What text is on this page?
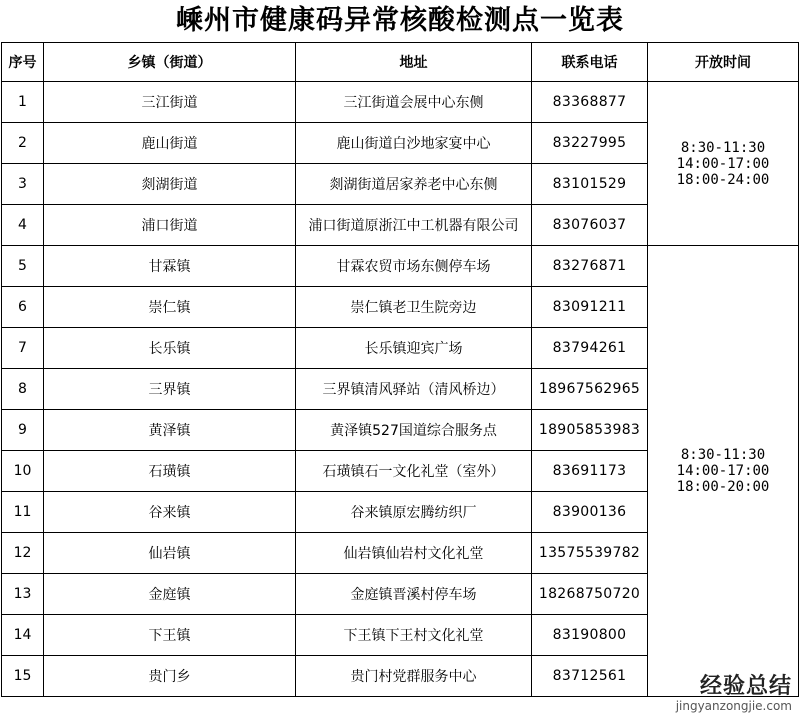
嵊州市健康码异常核酸检测点一览表
序号	乡镇（街道）	地址	联系电话	开放时间
1	三江街道	三江街道会展中心东侧	83368877	8:30-11:30
14:00-17:00
18:00-24:00

2	鹿山街道	鹿山街道白沙地家宴中心	83227995	
3	剡湖街道	剡湖街道居家养老中心东侧	83101529	
4	浦口街道	浦口街道原浙江中工机器有限公司	83076037	
5	甘霖镇	甘霖农贸市场东侧停车场	83276871	8:30-11:30
14:00-17:00
18:00-20:00

6	崇仁镇	崇仁镇老卫生院旁边	83091211	
7	长乐镇	长乐镇迎宾广场	83794261	
8	三界镇	三界镇清风驿站（清风桥边）	18967562965	
9	黄泽镇	黄泽镇527国道综合服务点	18905853983	
10	石璜镇	石璜镇石一文化礼堂（室外）	83691173	
11	谷来镇	谷来镇原宏腾纺织厂	83900136	
12	仙岩镇	仙岩镇仙岩村文化礼堂	13575539782	
13	金庭镇	金庭镇晋溪村停车场	18268750720	
14	下王镇	下王镇下王村文化礼堂	83190800	
15	贵门乡	贵门村党群服务中心	83712561		经验总结
jingyanzongjie.com
